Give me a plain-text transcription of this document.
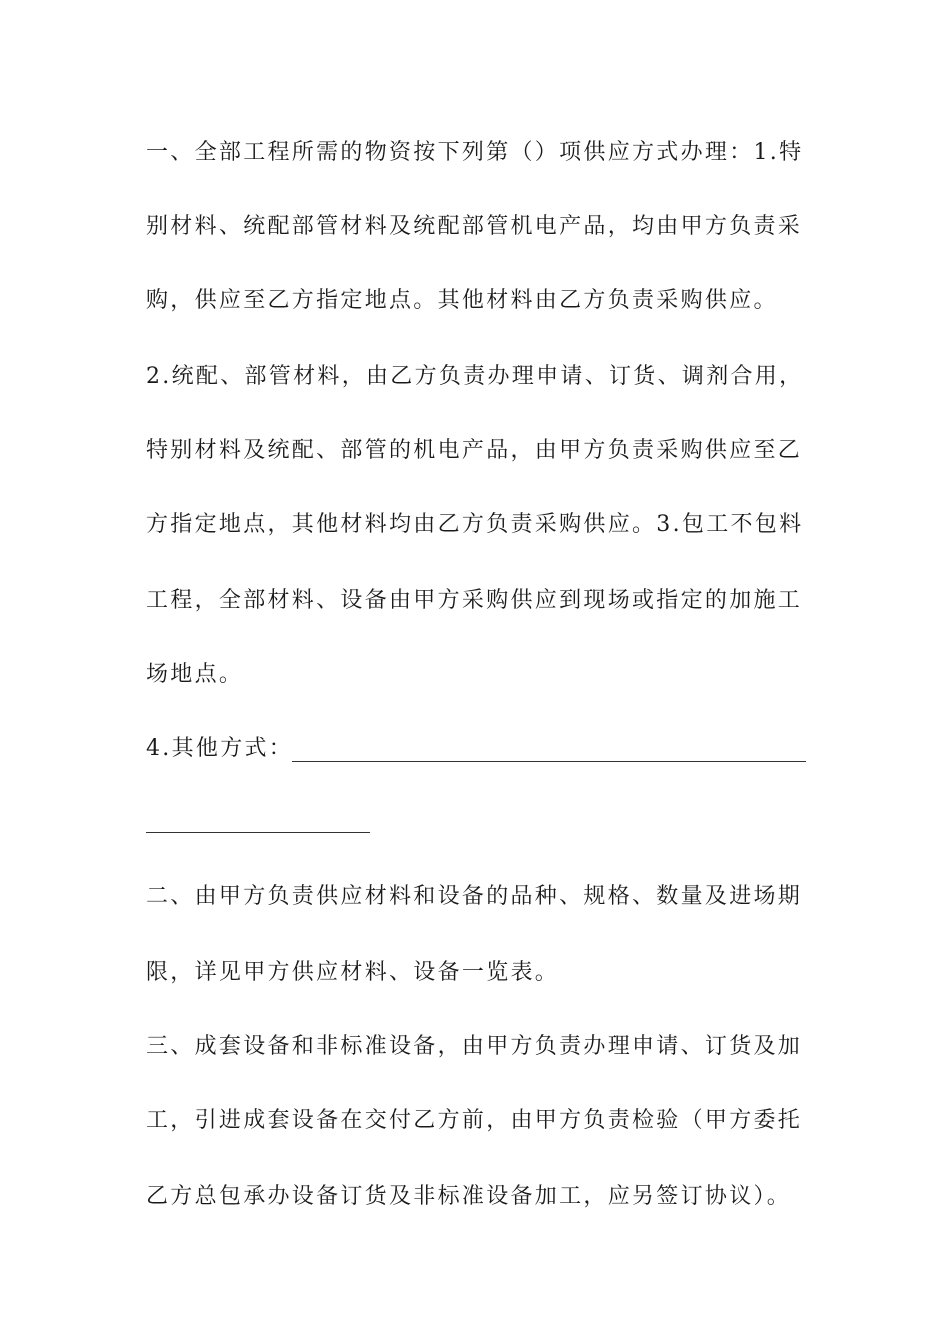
一、全部工程所需的物资按下列第（）项供应方式办理：1.特
别材料、统配部管材料及统配部管机电产品，均由甲方负责采
购，供应至乙方指定地点。其他材料由乙方负责采购供应。
2.统配、部管材料，由乙方负责办理申请、订货、调剂合用，
特别材料及统配、部管的机电产品，由甲方负责采购供应至乙
方指定地点，其他材料均由乙方负责采购供应。3.包工不包料
工程，全部材料、设备由甲方采购供应到现场或指定的加施工
场地点。
4.其他方式：
二、由甲方负责供应材料和设备的品种、规格、数量及进场期
限，详见甲方供应材料、设备一览表。
三、成套设备和非标准设备，由甲方负责办理申请、订货及加
工，引进成套设备在交付乙方前，由甲方负责检验（甲方委托
乙方总包承办设备订货及非标准设备加工，应另签订协议）。
